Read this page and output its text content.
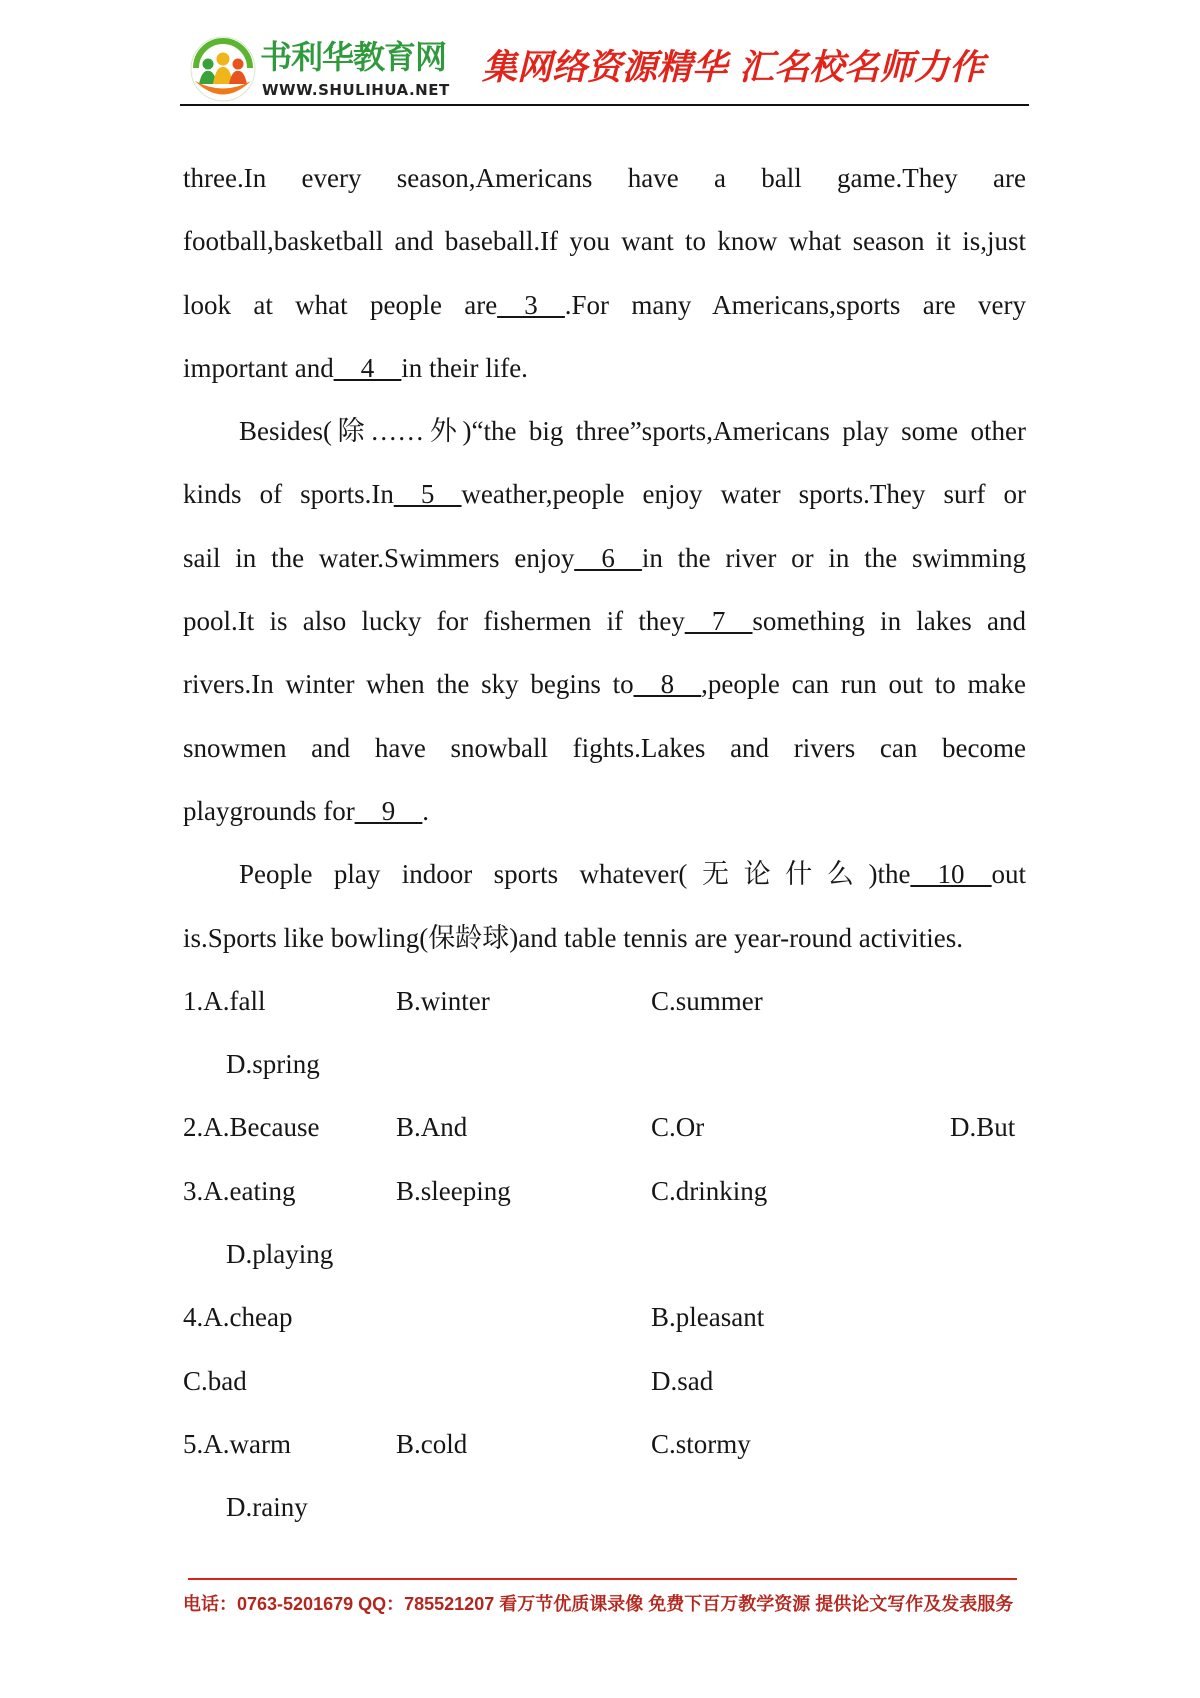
书利华教育网
WWW.SHULIHUA.NET
集网络资源精华 汇名校名师力作
three.In every season,Americans have a ball game.They are
football,basketball and baseball.If you want to know what season it is,just
look at what people are__3__.For many Americans,sports are very
important and__4__in their life.
Besides(除……外)“the big three”sports,Americans play some other
kinds of sports.In__5__weather,people enjoy water sports.They surf or
sail in the water.Swimmers enjoy__6__in the river or in the swimming
pool.It is also lucky for fishermen if they__7__something in lakes and
rivers.In winter when the sky begins to__8__,people can run out to make
snowmen and have snowball fights.Lakes and rivers can become
playgrounds for__9__.
People play indoor sports whatever(无论什么)the__10__out
is.Sports like bowling(保龄球)and table tennis are year-round activities.
1.A.fall	B.winter	C.summer
D.spring
2.A.Because	B.And	C.Or	D.But
3.A.eating	B.sleeping	C.drinking
D.playing
4.A.cheap	B.pleasant
C.bad	D.sad
5.A.warm	B.cold	C.stormy
D.rainy
电话：0763-5201679 QQ：785521207 看万节优质课录像 免费下百万教学资源 提供论文写作及发表服务
